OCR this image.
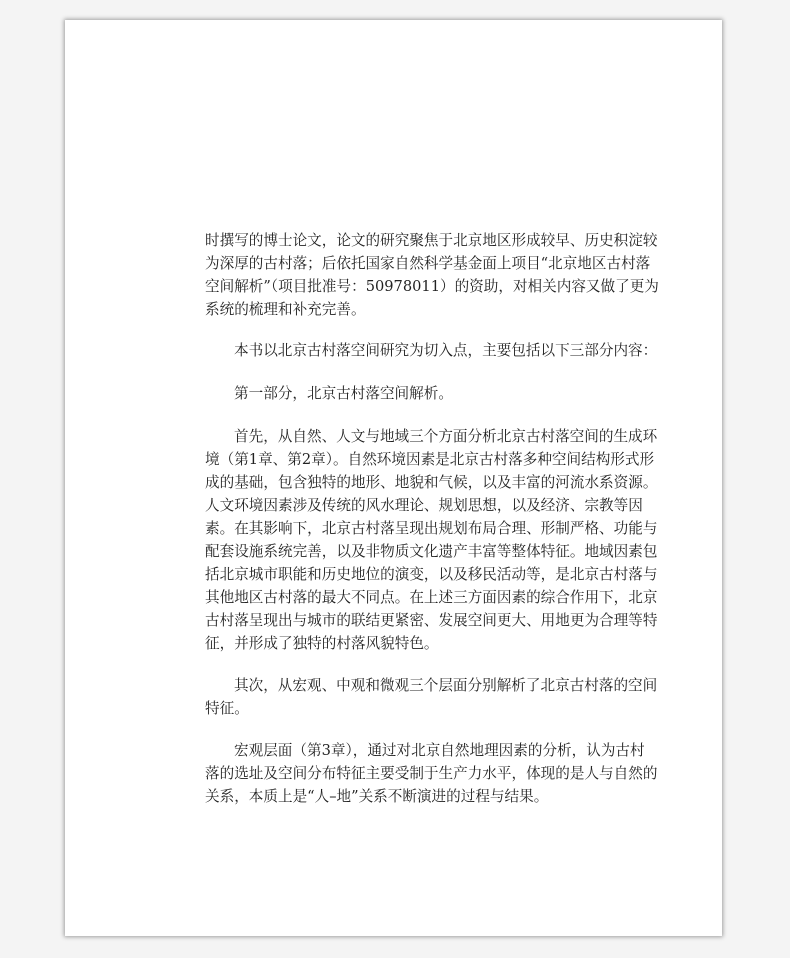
时撰写的博士论文，论文的研究聚焦于北京地区形成较早、历史积淀较
为深厚的古村落；后依托国家自然科学基金面上项目“北京地区古村落
空间解析”（项目批准号：50978011）的资助，对相关内容又做了更为
系统的梳理和补充完善。
本书以北京古村落空间研究为切入点，主要包括以下三部分内容：
第一部分，北京古村落空间解析。
首先，从自然、人文与地域三个方面分析北京古村落空间的生成环
境（第1章、第2章）。自然环境因素是北京古村落多种空间结构形式形
成的基础，包含独特的地形、地貌和气候，以及丰富的河流水系资源。
人文环境因素涉及传统的风水理论、规划思想，以及经济、宗教等因
素。在其影响下，北京古村落呈现出规划布局合理、形制严格、功能与
配套设施系统完善，以及非物质文化遗产丰富等整体特征。地域因素包
括北京城市职能和历史地位的演变，以及移民活动等，是北京古村落与
其他地区古村落的最大不同点。在上述三方面因素的综合作用下，北京
古村落呈现出与城市的联结更紧密、发展空间更大、用地更为合理等特
征，并形成了独特的村落风貌特色。
其次，从宏观、中观和微观三个层面分别解析了北京古村落的空间
特征。
宏观层面（第3章），通过对北京自然地理因素的分析，认为古村
落的选址及空间分布特征主要受制于生产力水平，体现的是人与自然的
关系，本质上是“人–地”关系不断演进的过程与结果。
